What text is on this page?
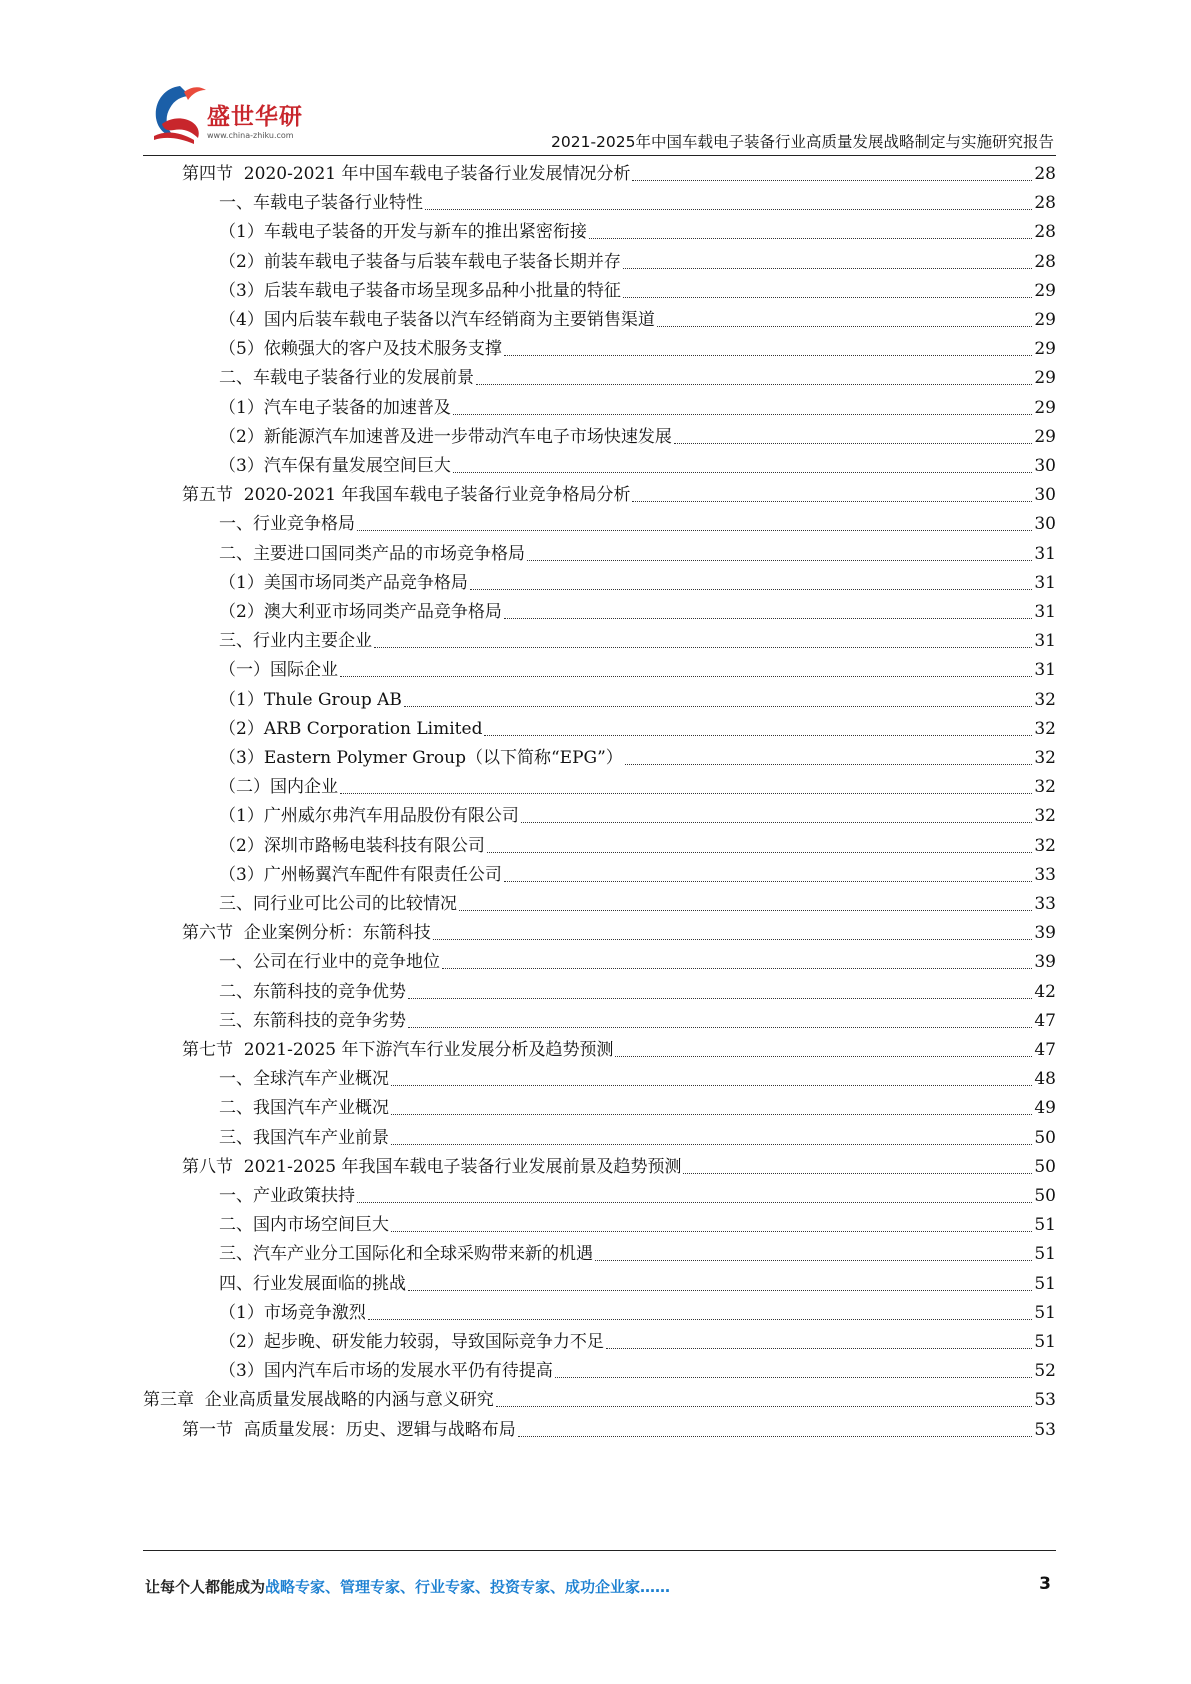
盛世华研
www.china-zhiku.com	2021-2025年中国车载电子装备行业高质量发展战略制定与实施研究报告
第四节  2020-2021 年中国车载电子装备行业发展情况分析	28
一、车载电子装备行业特性	28
（1）车载电子装备的开发与新车的推出紧密衔接	28
（2）前装车载电子装备与后装车载电子装备长期并存	28
（3）后装车载电子装备市场呈现多品种小批量的特征	29
（4）国内后装车载电子装备以汽车经销商为主要销售渠道	29
（5）依赖强大的客户及技术服务支撑	29
二、车载电子装备行业的发展前景	29
（1）汽车电子装备的加速普及	29
（2）新能源汽车加速普及进一步带动汽车电子市场快速发展	29
（3）汽车保有量发展空间巨大	30
第五节  2020-2021 年我国车载电子装备行业竞争格局分析	30
一、行业竞争格局	30
二、主要进口国同类产品的市场竞争格局	31
（1）美国市场同类产品竞争格局	31
（2）澳大利亚市场同类产品竞争格局	31
三、行业内主要企业	31
（一）国际企业	31
（1）Thule Group AB	32
（2）ARB Corporation Limited	32
（3）Eastern Polymer Group（以下简称“EPG”）	32
（二）国内企业	32
（1）广州威尔弗汽车用品股份有限公司	32
（2）深圳市路畅电装科技有限公司	32
（3）广州畅翼汽车配件有限责任公司	33
三、同行业可比公司的比较情况	33
第六节  企业案例分析：东箭科技	39
一、公司在行业中的竞争地位	39
二、东箭科技的竞争优势	42
三、东箭科技的竞争劣势	47
第七节  2021-2025 年下游汽车行业发展分析及趋势预测	47
一、全球汽车产业概况	48
二、我国汽车产业概况	49
三、我国汽车产业前景	50
第八节  2021-2025 年我国车载电子装备行业发展前景及趋势预测	50
一、产业政策扶持	50
二、国内市场空间巨大	51
三、汽车产业分工国际化和全球采购带来新的机遇	51
四、行业发展面临的挑战	51
（1）市场竞争激烈	51
（2）起步晚、研发能力较弱，导致国际竞争力不足	51
（3）国内汽车后市场的发展水平仍有待提高	52
第三章  企业高质量发展战略的内涵与意义研究	53
第一节  高质量发展：历史、逻辑与战略布局	53
让每个人都能成为战略专家、管理专家、行业专家、投资专家、成功企业家……	3
